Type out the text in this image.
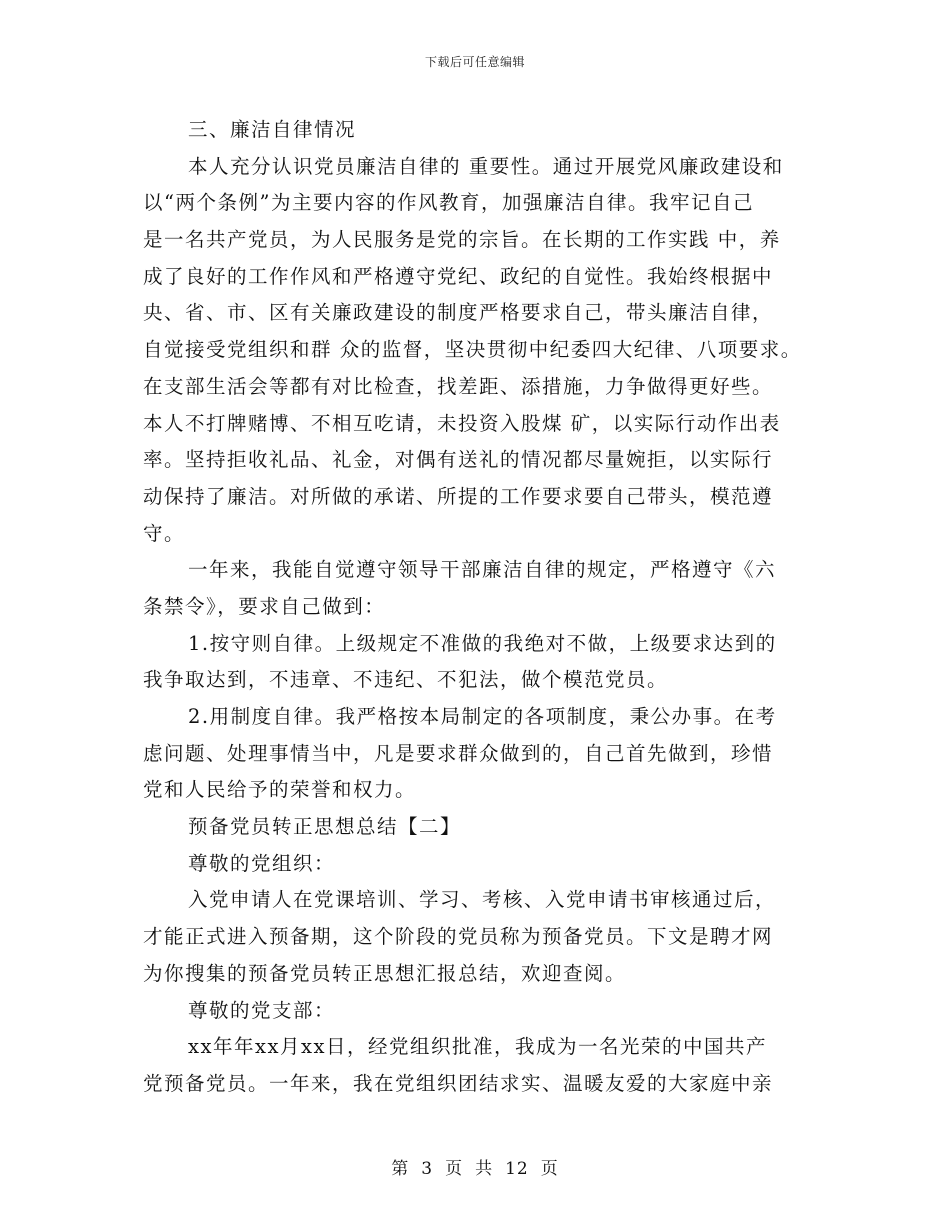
下载后可任意编辑
三、廉洁自律情况
本人充分认识党员廉洁自律的 重要性。通过开展党风廉政建设和
以“两个条例”为主要内容的作风教育，加强廉洁自律。我牢记自己
是一名共产党员，为人民服务是党的宗旨。在长期的工作实践 中，养
成了良好的工作作风和严格遵守党纪、政纪的自觉性。我始终根据中
央、省、市、区有关廉政建设的制度严格要求自己，带头廉洁自律，
自觉接受党组织和群 众的监督，坚决贯彻中纪委四大纪律、八项要求。
在支部生活会等都有对比检查，找差距、添措施，力争做得更好些。
本人不打牌赌博、不相互吃请，未投资入股煤 矿，以实际行动作出表
率。坚持拒收礼品、礼金，对偶有送礼的情况都尽量婉拒，以实际行
动保持了廉洁。对所做的承诺、所提的工作要求要自己带头，模范遵
守。
一年来，我能自觉遵守领导干部廉洁自律的规定，严格遵守《六
条禁令》，要求自己做到：
1.按守则自律。上级规定不准做的我绝对不做，上级要求达到的
我争取达到，不违章、不违纪、不犯法，做个模范党员。
2.用制度自律。我严格按本局制定的各项制度，秉公办事。在考
虑问题、处理事情当中，凡是要求群众做到的，自己首先做到，珍惜
党和人民给予的荣誉和权力。
预备党员转正思想总结【二】
尊敬的党组织：
入党申请人在党课培训、学习、考核、入党申请书审核通过后，
才能正式进入预备期，这个阶段的党员称为预备党员。下文是聘才网
为你搜集的预备党员转正思想汇报总结，欢迎查阅。
尊敬的党支部：
xx年年xx月xx日，经党组织批准，我成为一名光荣的中国共产
党预备党员。一年来，我在党组织团结求实、温暖友爱的大家庭中亲
第 3 页 共 12 页
